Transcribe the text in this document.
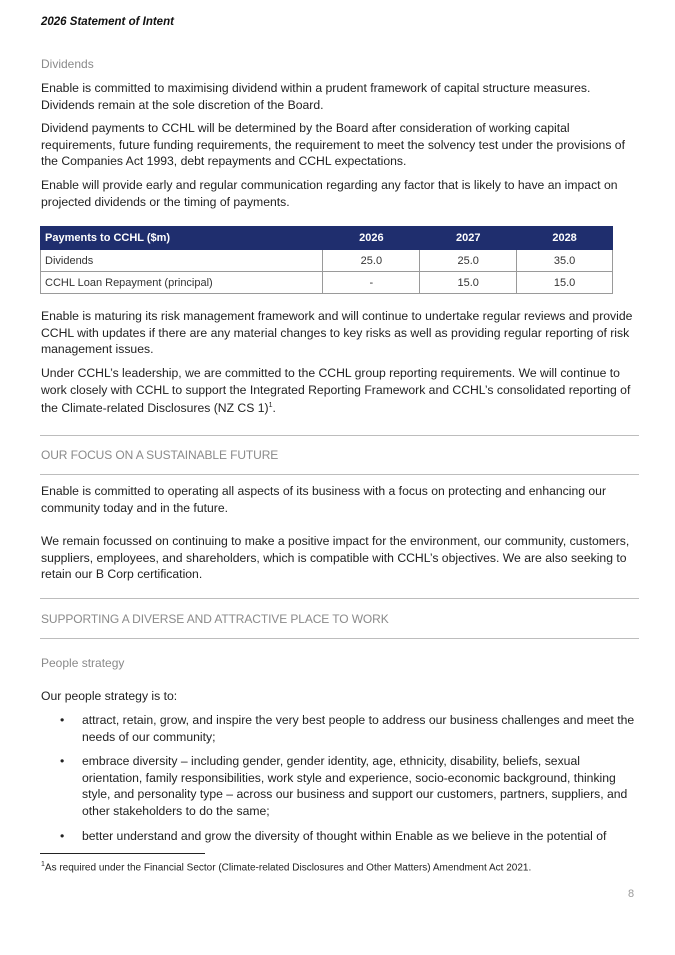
2026 Statement of Intent
Dividends
Enable is committed to maximising dividend within a prudent framework of capital structure measures. Dividends remain at the sole discretion of the Board.
Dividend payments to CCHL will be determined by the Board after consideration of working capital requirements, future funding requirements, the requirement to meet the solvency test under the provisions of the Companies Act 1993, debt repayments and CCHL expectations.
Enable will provide early and regular communication regarding any factor that is likely to have an impact on projected dividends or the timing of payments.
Payments to CCHL ($m)	2026	2027	2028
Dividends	25.0	25.0	35.0
CCHL Loan Repayment (principal)	-	15.0	15.0
Enable is maturing its risk management framework and will continue to undertake regular reviews and provide CCHL with updates if there are any material changes to key risks as well as providing regular reporting of risk management issues.
Under CCHL’s leadership, we are committed to the CCHL group reporting requirements. We will continue to work closely with CCHL to support the Integrated Reporting Framework and CCHL’s consolidated reporting of the Climate-related Disclosures (NZ CS 1)$^1$.
OUR FOCUS ON A SUSTAINABLE FUTURE
Enable is committed to operating all aspects of its business with a focus on protecting and enhancing our community today and in the future.
We remain focussed on continuing to make a positive impact for the environment, our community, customers, suppliers, employees, and shareholders, which is compatible with CCHL’s objectives. We are also seeking to retain our B Corp certification.
SUPPORTING A DIVERSE AND ATTRACTIVE PLACE TO WORK
People strategy
Our people strategy is to:
• attract, retain, grow, and inspire the very best people to address our business challenges and meet the needs of our community;
• embrace diversity – including gender, gender identity, age, ethnicity, disability, beliefs, sexual orientation, family responsibilities, work style and experience, socio-economic background, thinking style, and personality type – across our business and support our customers, partners, suppliers, and other stakeholders to do the same;
• better understand and grow the diversity of thought within Enable as we believe in the potential of
$^1$As required under the Financial Sector (Climate-related Disclosures and Other Matters) Amendment Act 2021.
8
